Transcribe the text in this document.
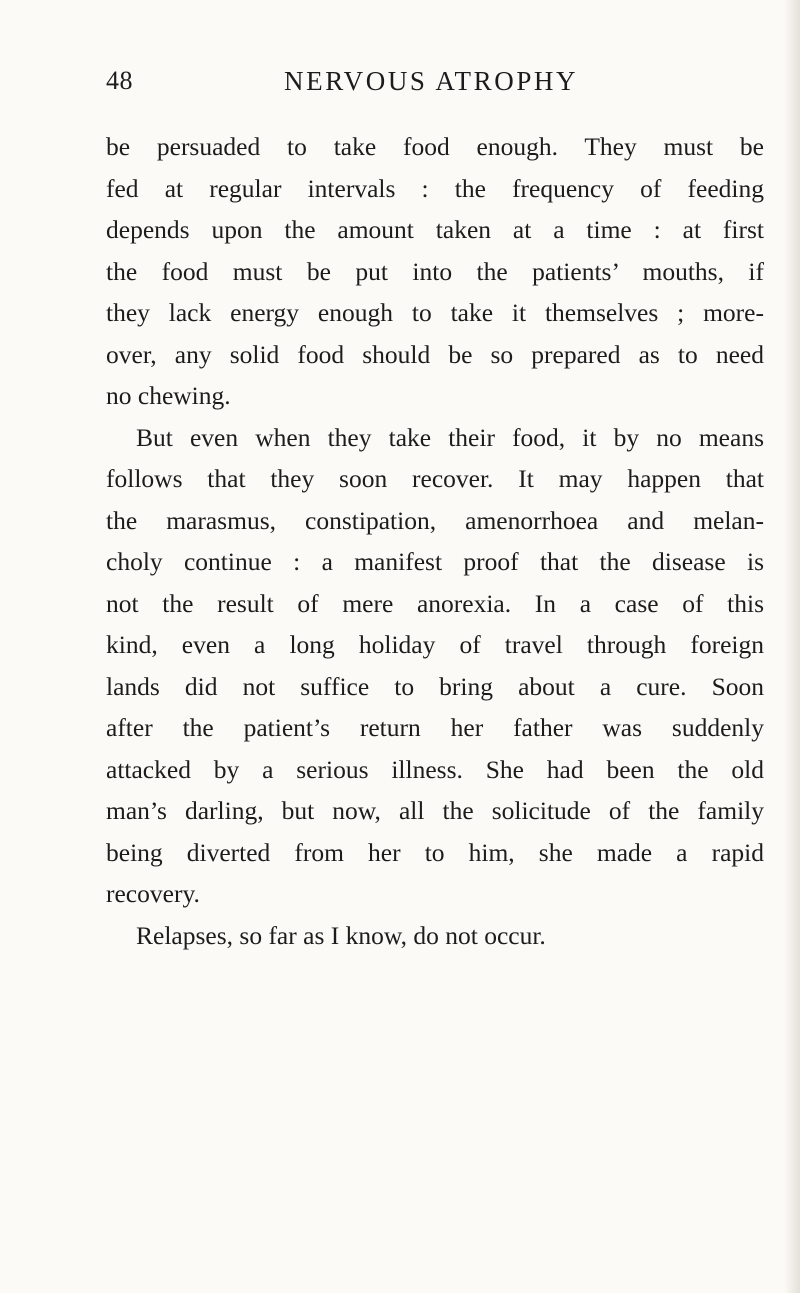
48	NERVOUS ATROPHY
be persuaded to take food enough. They must be
fed at regular intervals : the frequency of feeding
depends upon the amount taken at a time : at first
the food must be put into the patients’ mouths, if
they lack energy enough to take it themselves ; more-
over, any solid food should be so prepared as to need
no chewing.
But even when they take their food, it by no means
follows that they soon recover. It may happen that
the marasmus, constipation, amenorrhoea and melan-
choly continue : a manifest proof that the disease is
not the result of mere anorexia. In a case of this
kind, even a long holiday of travel through foreign
lands did not suffice to bring about a cure. Soon
after the patient’s return her father was suddenly
attacked by a serious illness. She had been the old
man’s darling, but now, all the solicitude of the family
being diverted from her to him, she made a rapid
recovery.
Relapses, so far as I know, do not occur.
